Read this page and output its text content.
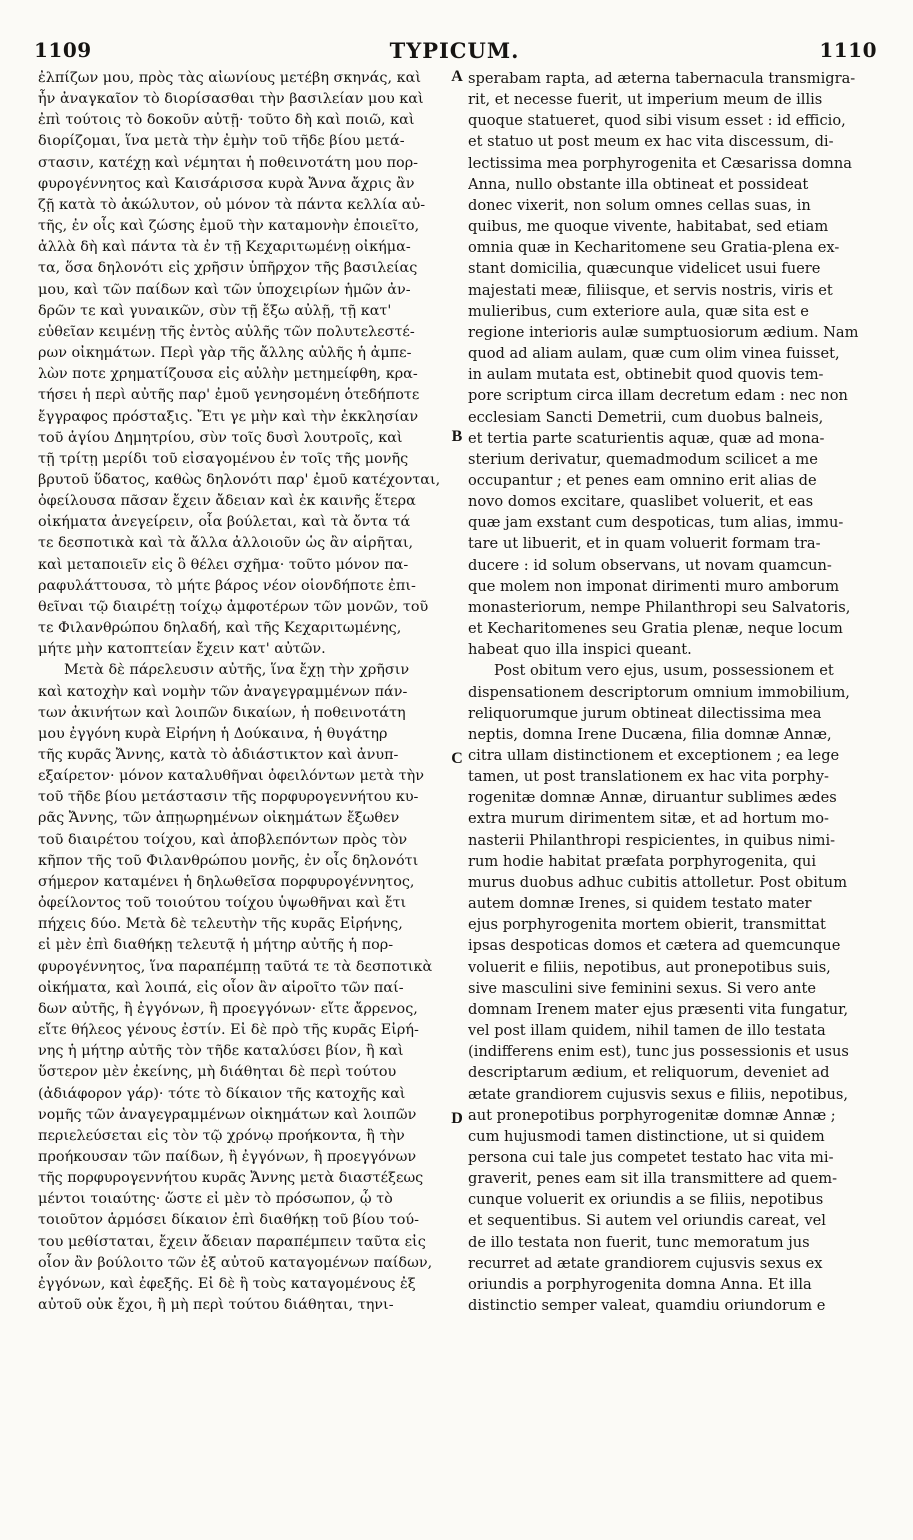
1109	TYPICUM.	1110
ἐλπίζων μου, πρὸς τὰς αἰωνίους μετέβη σκηνάς, καὶ
ἦν ἀναγκαῖον τὸ διορίσασθαι τὴν βασιλείαν μου καὶ
ἐπὶ τούτοις τὸ δοκοῦν αὐτῇ· τοῦτο δὴ καὶ ποιῶ, καὶ
διορίζομαι, ἵνα μετὰ τὴν ἐμὴν τοῦ τῆδε βίου μετά-
στασιν, κατέχῃ καὶ νέμηται ἡ ποθεινοτάτη μου πορ-
φυρογέννητος καὶ Καισάρισσα κυρὰ Ἄννα ἄχρις ἂν
ζῇ κατὰ τὸ ἀκώλυτον, οὐ μόνον τὰ πάντα κελλία αὐ-
τῆς, ἐν οἷς καὶ ζώσης ἐμοῦ τὴν καταμονὴν ἐποιεῖτο,
ἀλλὰ δὴ καὶ πάντα τὰ ἐν τῇ Κεχαριτωμένῃ οἰκήμα-
τα, ὅσα δηλονότι εἰς χρῆσιν ὑπῆρχον τῆς βασιλείας
μου, καὶ τῶν παίδων καὶ τῶν ὑποχειρίων ἡμῶν ἀν-
δρῶν τε καὶ γυναικῶν, σὺν τῇ ἔξω αὐλῇ, τῇ κατ'
εὐθεῖαν κειμένῃ τῆς ἐντὸς αὐλῆς τῶν πολυτελεστέ-
ρων οἰκημάτων. Περὶ γὰρ τῆς ἄλλης αὐλῆς ἡ ἀμπε-
λὼν ποτε χρηματίζουσα εἰς αὐλὴν μετημείφθη, κρα-
τήσει ἡ περὶ αὐτῆς παρ' ἐμοῦ γενησομένη ὁτεδήποτε
ἔγγραφος πρόσταξις. Ἔτι γε μὴν καὶ τὴν ἐκκλησίαν
τοῦ ἁγίου Δημητρίου, σὺν τοῖς δυσὶ λουτροῖς, καὶ
τῇ τρίτῃ μερίδι τοῦ εἰσαγομένου ἐν τοῖς τῆς μονῆς
βρυτοῦ ὕδατος, καθὼς δηλονότι παρ' ἐμοῦ κατέχονται,
ὀφείλουσα πᾶσαν ἔχειν ἄδειαν καὶ ἐκ καινῆς ἕτερα
οἰκήματα ἀνεγείρειν, οἷα βούλεται, καὶ τὰ ὄντα τά
τε δεσποτικὰ καὶ τὰ ἄλλα ἀλλοιοῦν ὡς ἂν αἱρῆται,
καὶ μεταποιεῖν εἰς ὃ θέλει σχῆμα· τοῦτο μόνον πα-
ραφυλάττουσα, τὸ μήτε βάρος νέον οἱονδήποτε ἐπι-
θεῖναι τῷ διαιρέτῃ τοίχῳ ἀμφοτέρων τῶν μονῶν, τοῦ
τε Φιλανθρώπου δηλαδή, καὶ τῆς Κεχαριτωμένης,
μήτε μὴν κατοπτείαν ἔχειν κατ' αὐτῶν.
Μετὰ δὲ πάρελευσιν αὐτῆς, ἵνα ἔχῃ τὴν χρῆσιν
καὶ κατοχὴν καὶ νομὴν τῶν ἀναγεγραμμένων πάν-
των ἀκινήτων καὶ λοιπῶν δικαίων, ἡ ποθεινοτάτη
μου ἐγγόνη κυρὰ Εἰρήνη ἡ Δούκαινα, ἡ θυγάτηρ
τῆς κυρᾶς Ἄννης, κατὰ τὸ ἀδιάστικτον καὶ ἀνυπ-
εξαίρετον· μόνον καταλυθῆναι ὀφειλόντων μετὰ τὴν
τοῦ τῆδε βίου μετάστασιν τῆς πορφυρογεννήτου κυ-
ρᾶς Ἄννης, τῶν ἀπῃωρημένων οἰκημάτων ἔξωθεν
τοῦ διαιρέτου τοίχου, καὶ ἀποβλεπόντων πρὸς τὸν
κῆπον τῆς τοῦ Φιλανθρώπου μονῆς, ἐν οἷς δηλονότι
σήμερον καταμένει ἡ δηλωθεῖσα πορφυρογέννητος,
ὀφείλοντος τοῦ τοιούτου τοίχου ὑψωθῆναι καὶ ἔτι
πήχεις δύο. Μετὰ δὲ τελευτὴν τῆς κυρᾶς Εἰρήνης,
εἰ μὲν ἐπὶ διαθήκῃ τελευτᾷ ἡ μήτηρ αὐτῆς ἡ πορ-
φυρογέννητος, ἵνα παραπέμπῃ ταῦτά τε τὰ δεσποτικὰ
οἰκήματα, καὶ λοιπά, εἰς οἷον ἂν αἱροῖτο τῶν παί-
δων αὐτῆς, ἢ ἐγγόνων, ἢ προεγγόνων· εἴτε ἄρρενος,
εἴτε θήλεος γένους ἐστίν. Εἰ δὲ πρὸ τῆς κυρᾶς Εἰρή-
νης ἡ μήτηρ αὐτῆς τὸν τῆδε καταλύσει βίον, ἢ καὶ
ὕστερον μὲν ἐκείνης, μὴ διάθηται δὲ περὶ τούτου
(ἀδιάφορον γάρ)· τότε τὸ δίκαιον τῆς κατοχῆς καὶ
νομῆς τῶν ἀναγεγραμμένων οἰκημάτων καὶ λοιπῶν
περιελεύσεται εἰς τὸν τῷ χρόνῳ προήκοντα, ἢ τὴν
προήκουσαν τῶν παίδων, ἢ ἐγγόνων, ἢ προεγγόνων
τῆς πορφυρογεννήτου κυρᾶς Ἄννης μετὰ διαστέξεως
μέντοι τοιαύτης· ὥστε εἰ μὲν τὸ πρόσωπον, ᾧ τὸ
τοιοῦτον ἁρμόσει δίκαιον ἐπὶ διαθήκῃ τοῦ βίου τού-
του μεθίσταται, ἔχειν ἄδειαν παραπέμπειν ταῦτα εἰς
οἷον ἂν βούλοιτο τῶν ἐξ αὐτοῦ καταγομένων παίδων,
ἐγγόνων, καὶ ἐφεξῆς. Εἰ δὲ ἢ τοὺς καταγομένους ἐξ
αὐτοῦ οὐκ ἔχοι, ἢ μὴ περὶ τούτου διάθηται, τηνι-
sperabam rapta, ad æterna tabernacula transmigra-
rit, et necesse fuerit, ut imperium meum de illis
quoque statueret, quod sibi visum esset : id efficio,
et statuo ut post meum ex hac vita discessum, di-
lectissima mea porphyrogenita et Cæsarissa domna
Anna, nullo obstante illa obtineat et possideat
donec vixerit, non solum omnes cellas suas, in
quibus, me quoque vivente, habitabat, sed etiam
omnia quæ in Kecharitomene seu Gratia-plena ex-
stant domicilia, quæcunque videlicet usui fuere
majestati meæ, filiisque, et servis nostris, viris et
mulieribus, cum exteriore aula, quæ sita est e
regione interioris aulæ sumptuosiorum ædium. Nam
quod ad aliam aulam, quæ cum olim vinea fuisset,
in aulam mutata est, obtinebit quod quovis tem-
pore scriptum circa illam decretum edam : nec non
ecclesiam Sancti Demetrii, cum duobus balneis,
et tertia parte scaturientis aquæ, quæ ad mona-
sterium derivatur, quemadmodum scilicet a me
occupantur ; et penes eam omnino erit alias de
novo domos excitare, quaslibet voluerit, et eas
quæ jam exstant cum despoticas, tum alias, immu-
tare ut libuerit, et in quam voluerit formam tra-
ducere : id solum observans, ut novam quamcun-
que molem non imponat dirimenti muro amborum
monasteriorum, nempe Philanthropi seu Salvatoris,
et Kecharitomenes seu Gratia plenæ, neque locum
habeat quo illa inspici queant.
Post obitum vero ejus, usum, possessionem et
dispensationem descriptorum omnium immobilium,
reliquorumque jurum obtineat dilectissima mea
neptis, domna Irene Ducæna, filia domnæ Annæ,
citra ullam distinctionem et exceptionem ; ea lege
tamen, ut post translationem ex hac vita porphy-
rogenitæ domnæ Annæ, diruantur sublimes ædes
extra murum dirimentem sitæ, et ad hortum mo-
nasterii Philanthropi respicientes, in quibus nimi-
rum hodie habitat præfata porphyrogenita, qui
murus duobus adhuc cubitis attolletur. Post obitum
autem domnæ Irenes, si quidem testato mater
ejus porphyrogenita mortem obierit, transmittat
ipsas despoticas domos et cætera ad quemcunque
voluerit e filiis, nepotibus, aut pronepotibus suis,
sive masculini sive feminini sexus. Si vero ante
domnam Irenem mater ejus præsenti vita fungatur,
vel post illam quidem, nihil tamen de illo testata
(indifferens enim est), tunc jus possessionis et usus
descriptarum ædium, et reliquorum, deveniet ad
ætate grandiorem cujusvis sexus e filiis, nepotibus,
aut pronepotibus porphyrogenitæ domnæ Annæ ;
cum hujusmodi tamen distinctione, ut si quidem
persona cui tale jus competet testato hac vita mi-
graverit, penes eam sit illa transmittere ad quem-
cunque voluerit ex oriundis a se filiis, nepotibus
et sequentibus. Si autem vel oriundis careat, vel
de illo testata non fuerit, tunc memoratum jus
recurret ad ætate grandiorem cujusvis sexus ex
oriundis a porphyrogenita domna Anna. Et illa
distinctio semper valeat, quamdiu oriundorum e
A
B
C
D
